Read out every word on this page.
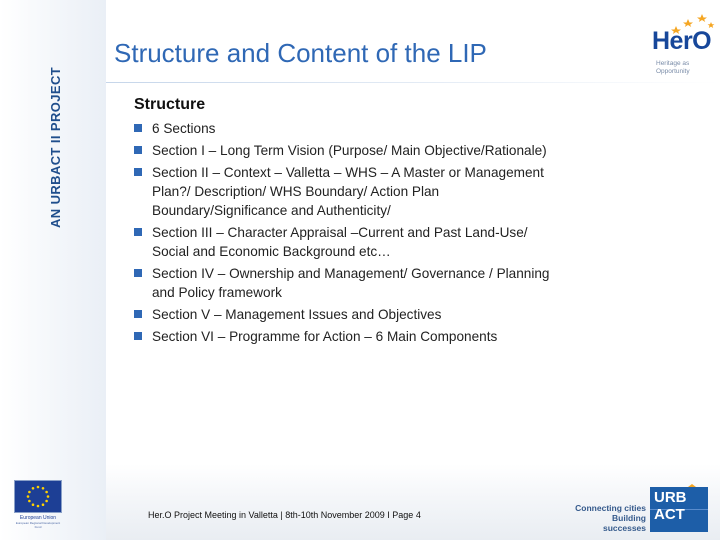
AN URBACT II PROJECT
European Union
European Regional Development Fund
Structure and Content of the LIP	HerO
Heritage as Opportunity
Structure
6 Sections
Section I – Long Term Vision (Purpose/ Main Objective/Rationale)
Section II – Context – Valletta – WHS – A Master or Management Plan?/ Description/ WHS Boundary/ Action Plan Boundary/Significance and Authenticity/
Section III – Character Appraisal –Current and Past Land-Use/ Social and Economic Background etc…
Section IV – Ownership and Management/ Governance / Planning and Policy framework
Section V – Management Issues and Objectives
Section VI – Programme for Action – 6 Main Components
Her.O Project Meeting in Valletta | 8th-10th November 2009 I Page 4
Connecting cities Building successes
URB ACT
